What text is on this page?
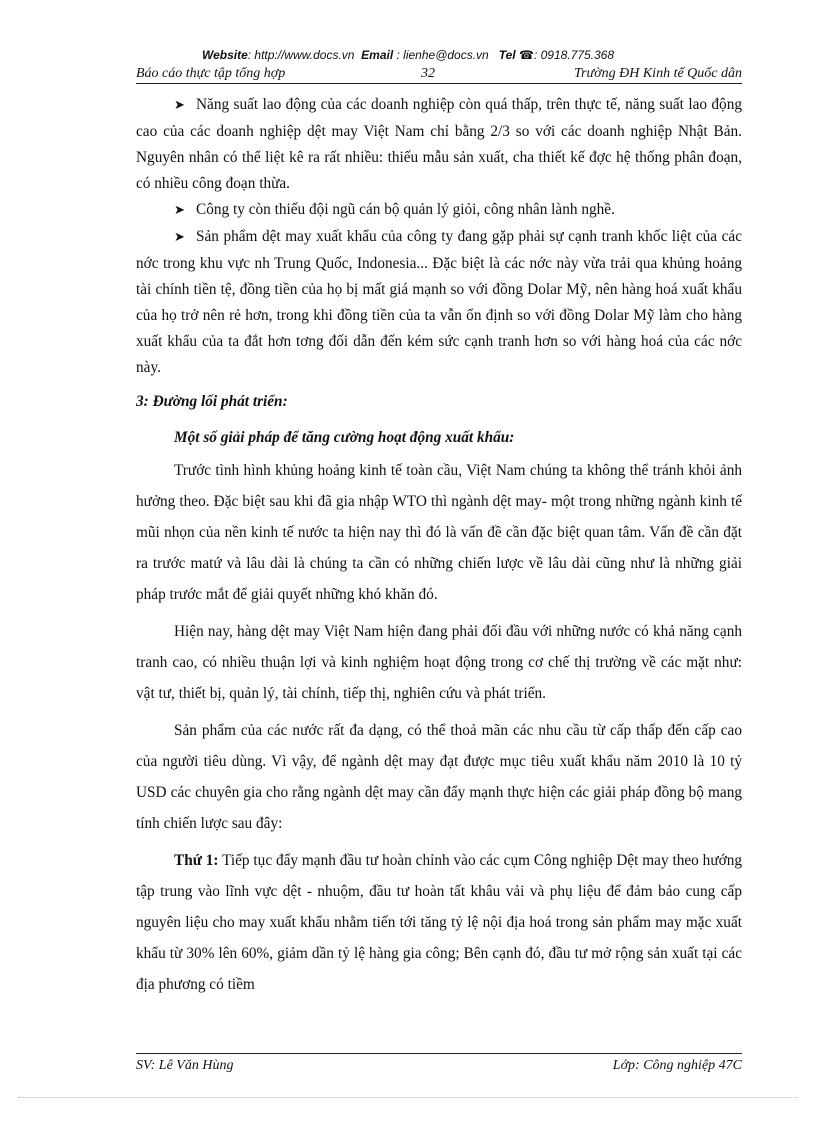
Website: http://www.docs.vn Email : lienhe@docs.vn Tel ☎: 0918.775.368
Báo cáo thực tập tổng hợp	32	Trường ĐH Kinh tế Quốc dân

➤ Năng suất lao động của các doanh nghiệp còn quá thấp, trên thực tế, năng suất lao động cao của các doanh nghiệp dệt may Việt Nam chỉ bằng 2/3 so với các doanh nghiệp Nhật Bản. Nguyên nhân có thể liệt kê ra rất nhiều: thiếu mẫu sản xuất, cha thiết kế đợc hệ thống phân đoạn, có nhiều công đoạn thừa.

➤ Công ty còn thiếu đội ngũ cán bộ quản lý giỏi, công nhân lành nghề.

➤ Sản phẩm dệt may xuất khẩu của công ty đang gặp phải sự cạnh tranh khốc liệt của các nớc trong khu vực nh Trung Quốc, Indonesia... Đặc biệt là các nớc này vừa trải qua khủng hoảng tài chính tiền tệ, đồng tiền của họ bị mất giá mạnh so với đồng Dolar Mỹ, nên hàng hoá xuất khẩu của họ trở nên rẻ hơn, trong khi đồng tiền của ta vẫn ổn định so với đồng Dolar Mỹ làm cho hàng xuất khẩu của ta đắt hơn tơng đối dẫn đến kém sức cạnh tranh hơn so với hàng hoá của các nớc này.

3: Đường lối phát triển:

Một số giải pháp để tăng cường hoạt động xuất khẩu:

Trước tình hình khủng hoảng kinh tế toàn cầu, Việt Nam chúng ta không thể tránh khỏi ảnh hưởng theo. Đặc biệt sau khi đã gia nhập WTO thì ngành dệt may- một trong những ngành kinh tế mũi nhọn của nền kinh tế nước ta hiện nay thì đó là vấn đề cần đặc biệt quan tâm. Vấn đề cần đặt ra trước matứ và lâu dài là chúng ta cần có những chiến lược về lâu dài cũng như là những giải pháp trước mắt để giải quyết những khó khăn đó.

Hiện nay, hàng dệt may Việt Nam hiện đang phải đối đầu với những nước có khả năng cạnh tranh cao, có nhiều thuận lợi và kinh nghiệm hoạt động trong cơ chế thị trường về các mặt như: vật tư, thiết bị, quản lý, tài chính, tiếp thị, nghiên cứu và phát triển.

Sản phẩm của các nước rất đa dạng, có thể thoả mãn các nhu cầu từ cấp thấp đến cấp cao của người tiêu dùng. Vì vậy, để ngành dệt may đạt được mục tiêu xuất khẩu năm 2010 là 10 tỷ USD các chuyên gia cho rằng ngành dệt may cần đẩy mạnh thực hiện các giải pháp đồng bộ mang tính chiến lược sau đây:

Thứ 1: Tiếp tục đẩy mạnh đầu tư hoàn chỉnh vào các cụm Công nghiệp Dệt may theo hướng tập trung vào lĩnh vực dệt - nhuộm, đầu tư hoàn tất khâu vải và phụ liệu để đảm bảo cung cấp nguyên liệu cho may xuất khẩu nhằm tiến tới tăng tỷ lệ nội địa hoá trong sản phẩm may mặc xuất khẩu từ 30% lên 60%, giảm dần tỷ lệ hàng gia công; Bên cạnh đó, đầu tư mở rộng sản xuất tại các địa phương có tiềm

SV: Lê Văn Hùng	Lớp: Công nghiệp 47C
